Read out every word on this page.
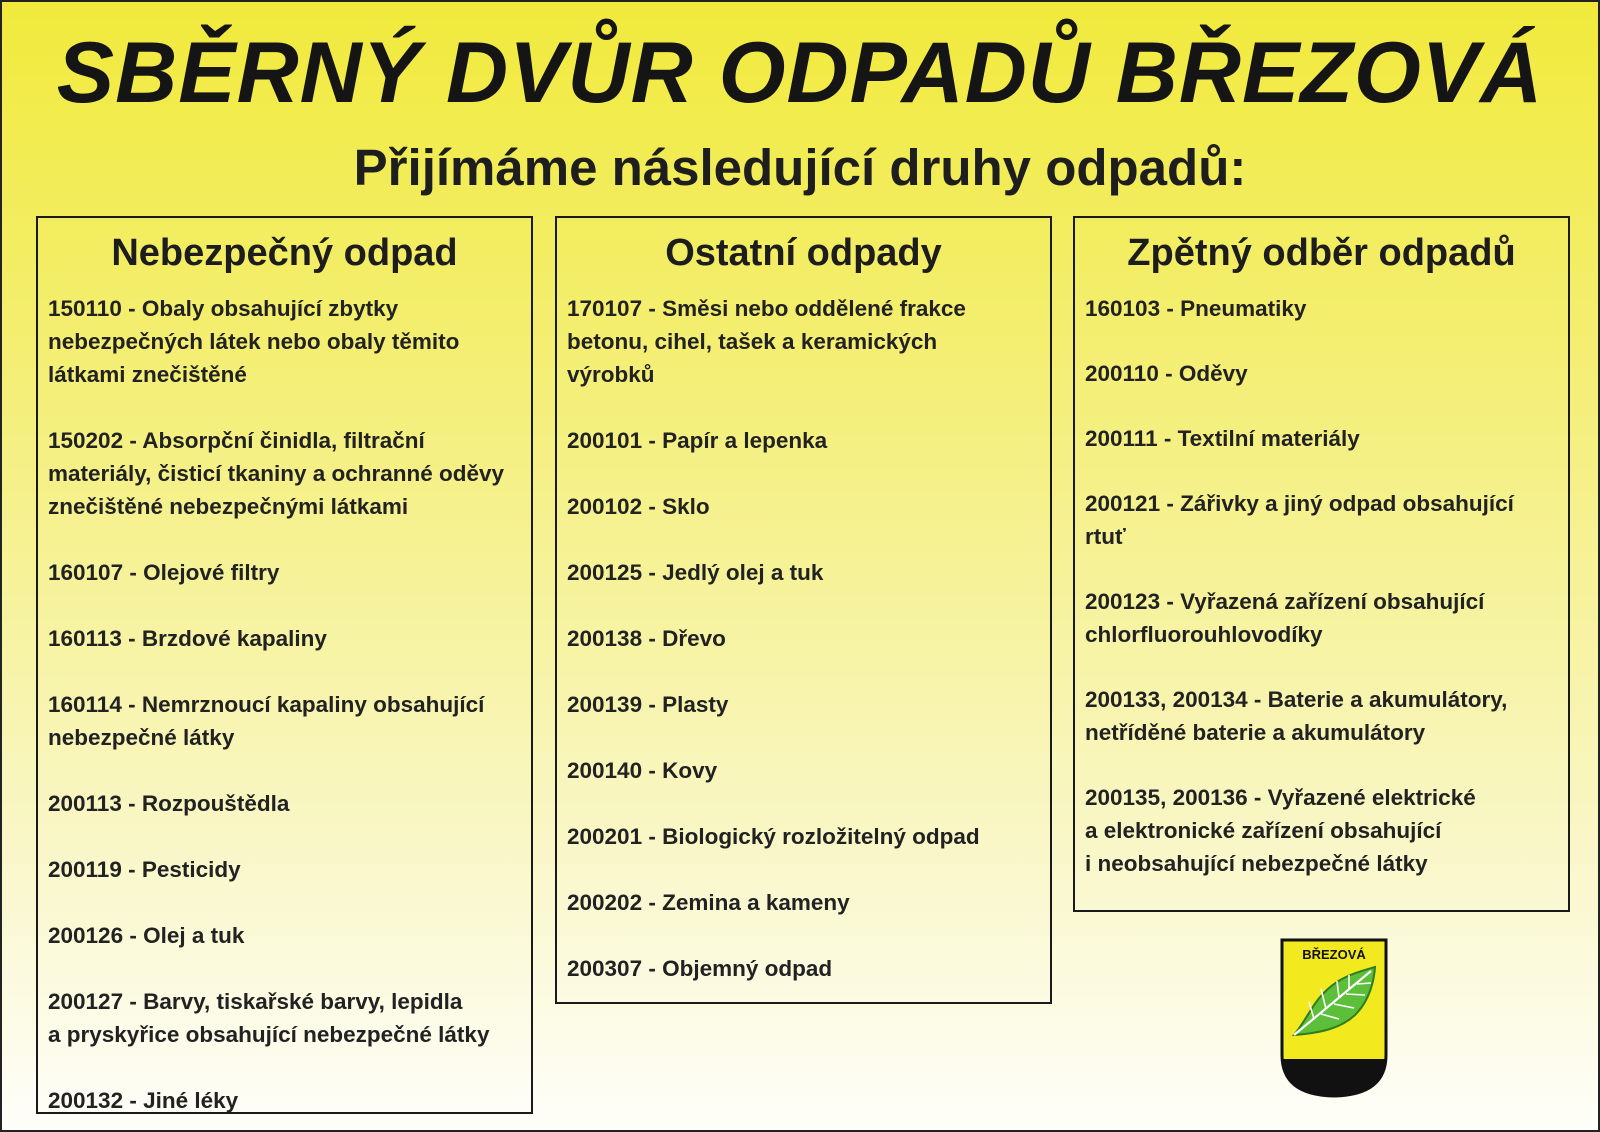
SBĚRNÝ DVŮR ODPADŮ BŘEZOVÁ
Přijímáme následující druhy odpadů:
Nebezpečný odpad
150110 - Obaly obsahující zbytky
nebezpečných látek nebo obaly těmito
látkami znečištěné
150202 - Absorpční činidla, filtrační
materiály, čisticí tkaniny a ochranné oděvy
znečištěné nebezpečnými látkami
160107 - Olejové filtry
160113 - Brzdové kapaliny
160114 - Nemrznoucí kapaliny obsahující
nebezpečné látky
200113 - Rozpouštědla
200119 - Pesticidy
200126 - Olej a tuk
200127 - Barvy, tiskařské barvy, lepidla
a pryskyřice obsahující nebezpečné látky
200132 - Jiné léky
Ostatní odpady
170107 - Směsi nebo oddělené frakce
betonu, cihel, tašek a keramických
výrobků
200101 - Papír a lepenka
200102 - Sklo
200125 - Jedlý olej a tuk
200138 - Dřevo
200139 - Plasty
200140 - Kovy
200201 - Biologický rozložitelný odpad
200202 - Zemina a kameny
200307 - Objemný odpad
Zpětný odběr odpadů
160103 - Pneumatiky
200110 - Oděvy
200111 - Textilní materiály
200121 - Zářivky a jiný odpad obsahující
rtuť
200123 - Vyřazená zařízení obsahující
chlorfluorouhlovodíky
200133, 200134 - Baterie a akumulátory,
netříděné baterie a akumulátory
200135, 200136 - Vyřazené elektrické
a elektronické zařízení obsahující
i neobsahující nebezpečné látky
BŘEZOVÁ
